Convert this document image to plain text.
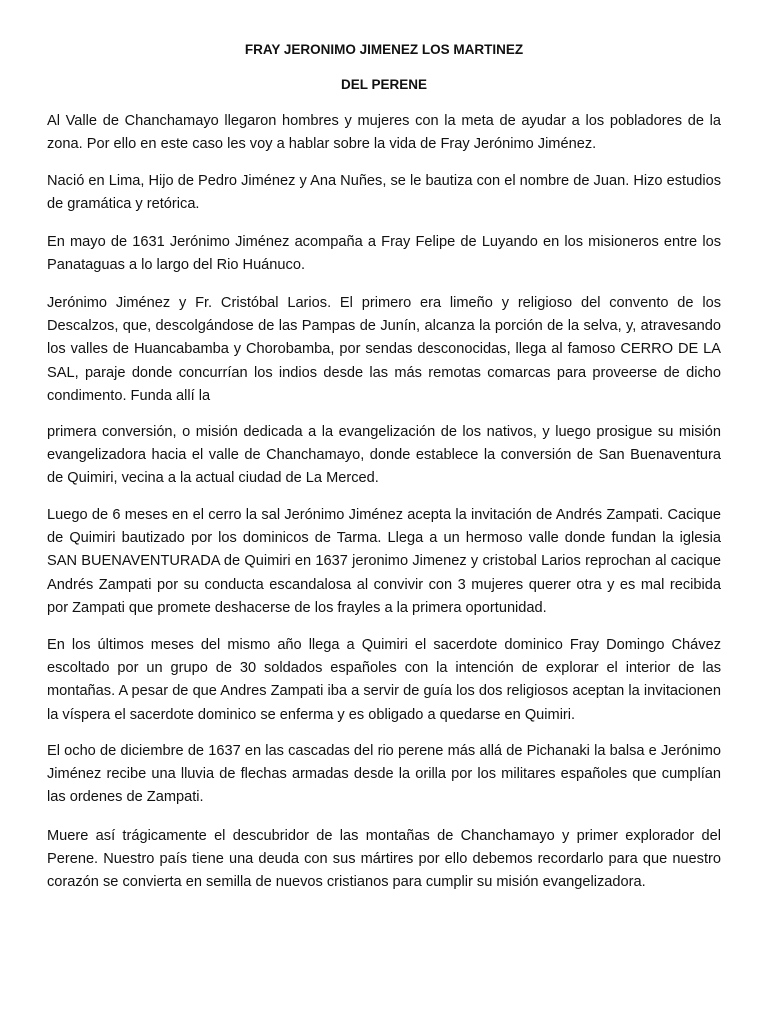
FRAY JERONIMO JIMENEZ LOS MARTINEZ

DEL PERENE

Al Valle de Chanchamayo llegaron hombres y mujeres con la meta de ayudar a los pobladores de la zona. Por ello en este caso les voy a hablar sobre la vida de Fray Jerónimo Jiménez.

Nació en Lima, Hijo de Pedro Jiménez y Ana Nuñes, se le bautiza con el nombre de Juan. Hizo estudios de gramática y retórica.

En mayo de 1631 Jerónimo Jiménez acompaña a Fray Felipe de Luyando en los misioneros entre los Panataguas a lo largo del Rio Huánuco.

Jerónimo Jiménez y Fr. Cristóbal Larios. El primero era limeño y religioso del convento de los Descalzos, que, descolgándose de las Pampas de Junín, alcanza la porción de la selva, y, atravesando los valles de Huancabamba y Chorobamba, por sendas desconocidas, llega al famoso CERRO DE LA SAL, paraje donde concurrían los indios desde las más remotas comarcas para proveerse de dicho condimento. Funda allí la

primera conversión, o misión dedicada a la evangelización de los nativos, y luego prosigue su misión evangelizadora hacia el valle de Chanchamayo, donde establece la conversión de San Buenaventura de Quimiri, vecina a la actual ciudad de La Merced.

Luego de 6 meses en el cerro la sal Jerónimo Jiménez acepta la invitación de Andrés Zampati. Cacique de Quimiri bautizado por los dominicos de Tarma. Llega a un hermoso valle donde fundan la iglesia SAN BUENAVENTURADA de Quimiri en 1637 jeronimo Jimenez y cristobal Larios reprochan al cacique Andrés Zampati por su conducta escandalosa al convivir con 3 mujeres querer otra y es mal recibida por Zampati que promete deshacerse de los frayles a la primera oportunidad.

En los últimos meses del mismo año llega a Quimiri el sacerdote dominico Fray Domingo Chávez escoltado por un grupo de 30 soldados españoles con la intención de explorar el interior de las montañas. A pesar de que Andres Zampati iba a servir de guía los dos religiosos aceptan la invitacionen la víspera el sacerdote dominico se enferma y es obligado a quedarse en Quimiri.

El ocho de diciembre de 1637 en las cascadas del rio perene más allá de Pichanaki la balsa e Jerónimo Jiménez recibe una lluvia de flechas armadas desde la orilla por los militares españoles que cumplían las ordenes de Zampati.

Muere así trágicamente el descubridor de las montañas de Chanchamayo y primer explorador del Perene. Nuestro país tiene una deuda con sus mártires por ello debemos recordarlo para que nuestro corazón se convierta en semilla de nuevos cristianos para cumplir su misión evangelizadora.
